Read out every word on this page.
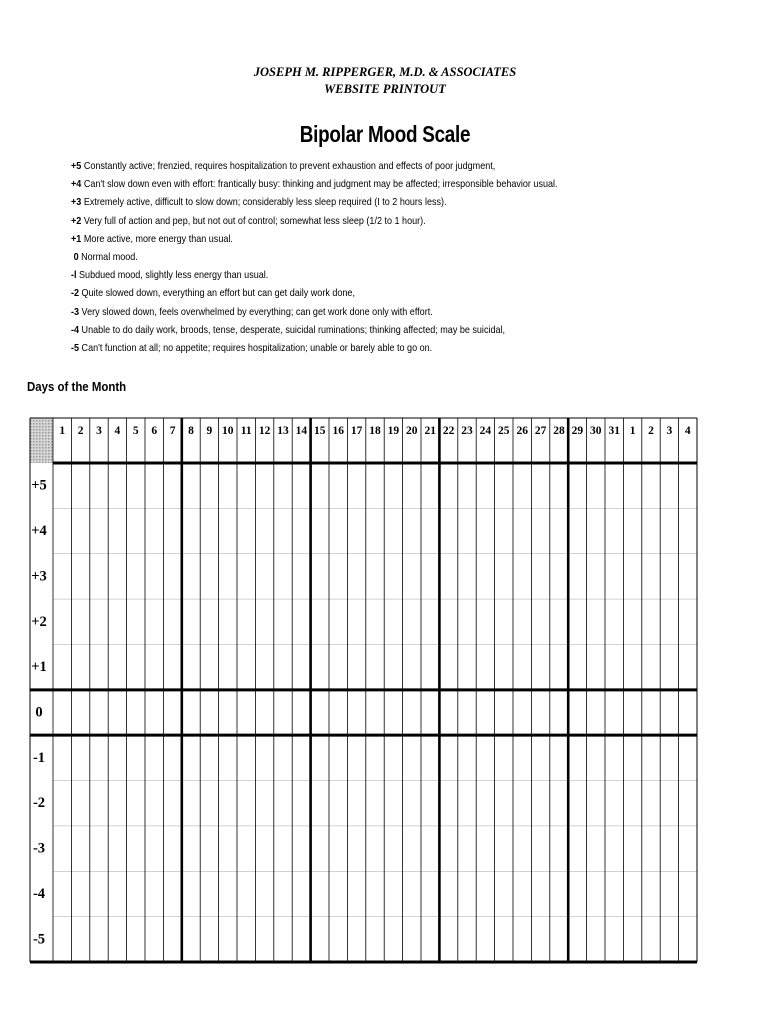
JOSEPH M. RIPPERGER, M.D. & ASSOCIATES
WEBSITE PRINTOUT
Bipolar Mood Scale
+5 Constantly active; frenzied, requires hospitalization to prevent exhaustion and effects of poor judgment,
+4 Can't slow down even with effort: frantically busy: thinking and judgment may be affected; irresponsible behavior usual.
+3 Extremely active, difficult to slow down; considerably less sleep required (I to 2 hours less).
+2 Very full of action and pep, but not out of control; somewhat less sleep (1/2 to 1 hour).
+1 More active, more energy than usual.
0 Normal mood.
-l Subdued mood, slightly less energy than usual.
-2 Quite slowed down, everything an effort but can get daily work done,
-3 Very slowed down, feels overwhelmed by everything; can get work done only with effort.
-4 Unable to do daily work, broods, tense, desperate, suicidal ruminations; thinking affected; may be suicidal,
-5 Can't function at all; no appetite; requires hospitalization; unable or barely able to go on.
Days of the Month
1 2 3 4 5 6 7 8 9 10 11 12 13 14 15 16 17 18 19 20 21 22 23 24 25 26 27 28 29 30 31 1 2 3 4
+5
+4
+3
+2
+1
0
-1
-2
-3
-4
-5
